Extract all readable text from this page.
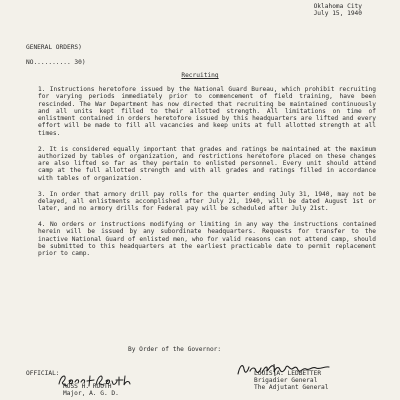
Oklahoma City
July 15, 1940
GENERAL ORDERS)

NO.......... 30)
Recruiting

1. Instructions heretofore issued by the National Guard Bureau, which prohibit recruiting for varying periods immediately prior to commencement of field training, have been rescinded. The War Department has now directed that recruiting be maintained continuously and all units kept filled to their allotted strength. All limitations on time of enlistment contained in orders heretofore issued by this headquarters are lifted and every effort will be made to fill all vacancies and keep units at full allotted strength at all times.

2. It is considered equally important that grades and ratings be maintained at the maximum authorized by tables of organization, and restrictions heretofore placed on these changes are also lifted so far as they pertain to enlisted personnel. Every unit should attend camp at the full allotted strength and with all grades and ratings filled in accordance with tables of organization.

3. In order that armory drill pay rolls for the quarter ending July 31, 1940, may not be delayed, all enlistments accomplished after July 21, 1940, will be dated August 1st or later, and no armory drills for Federal pay will be scheduled after July 21st.

4. No orders or instructions modifying or limiting in any way the instructions contained herein will be issued by any subordinate headquarters. Requests for transfer to the inactive National Guard of enlisted men, who for valid reasons can not attend camp, should be submitted to this headquarters at the earliest practicable date to permit replacement prior to camp.

By Order of the Governor:
LOUIS A. LEDBETTER
Brigadier General
The Adjutant General
OFFICIAL:
ROSS H. ROUTH
Major, A. G. D.
